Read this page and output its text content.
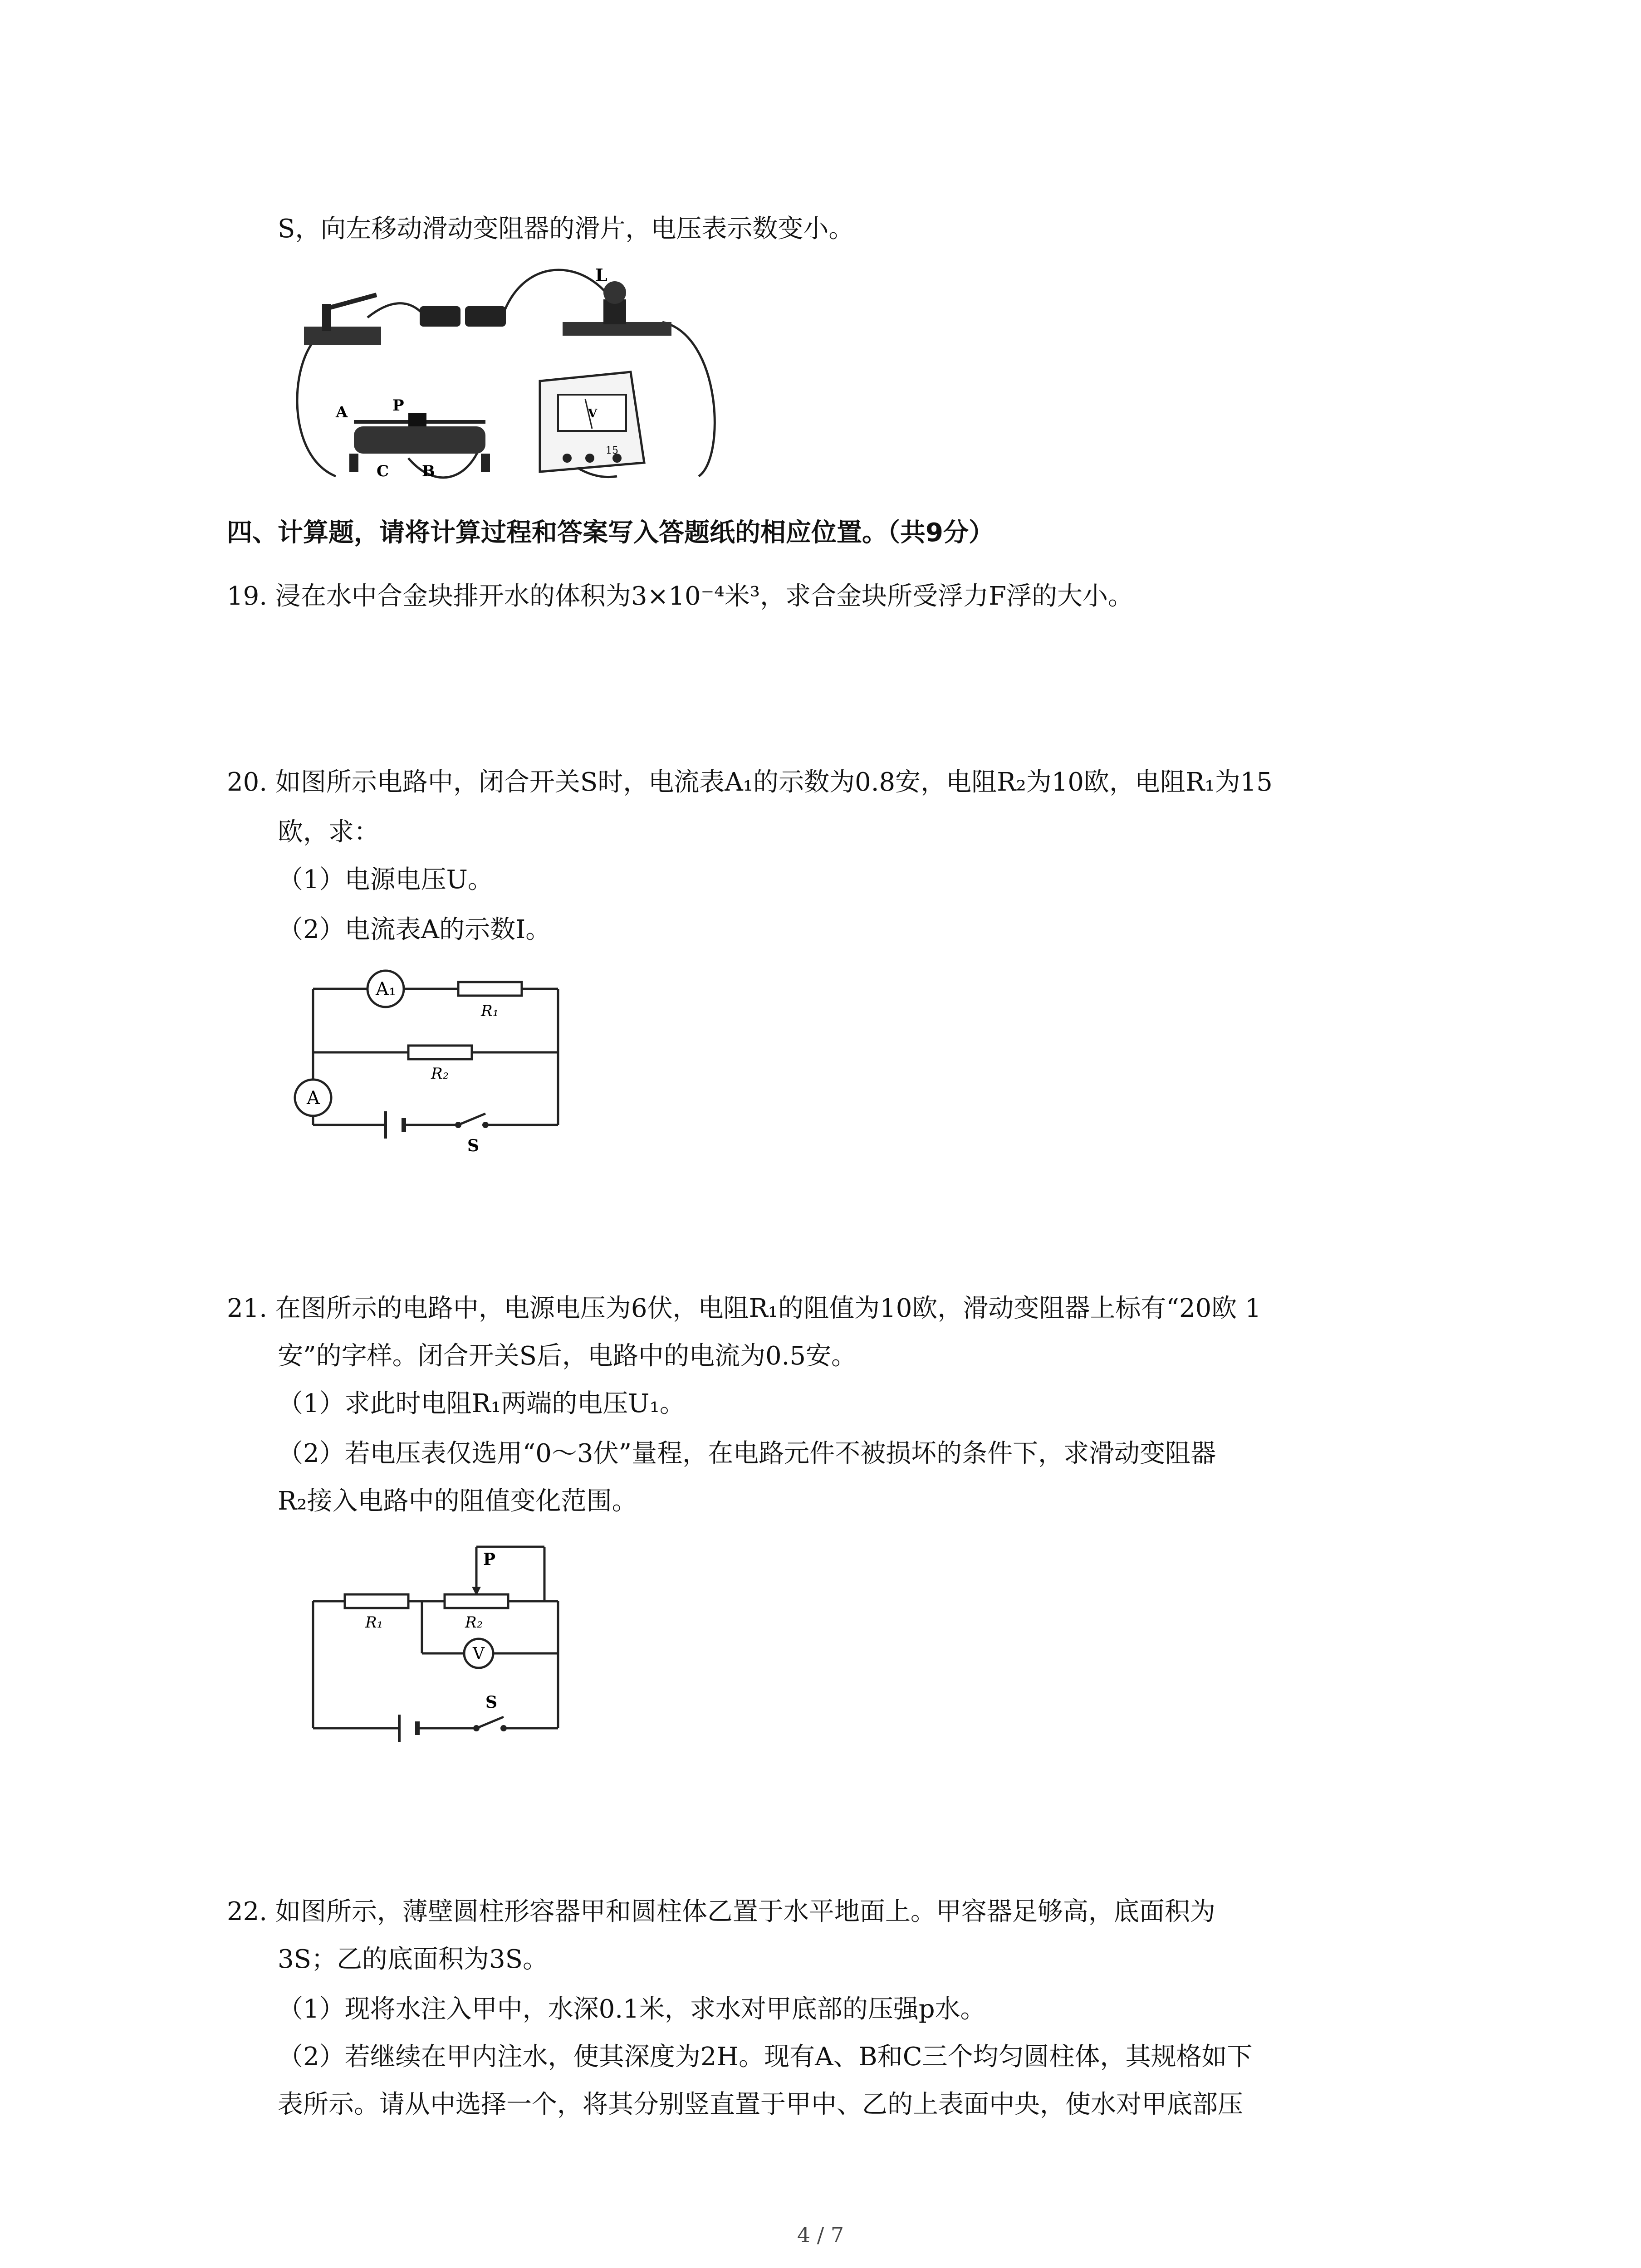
S，向左移动滑动变阻器的滑片，电压表示数变小。
L
A	P
C B
V
15
四、计算题，请将计算过程和答案写入答题纸的相应位置。（共9分）
19. 浸在水中合金块排开水的体积为3×10⁻⁴米³，求合金块所受浮力F浮的大小。
20. 如图所示电路中，闭合开关S时，电流表A₁的示数为0.8安，电阻R₂为10欧，电阻R₁为15
欧，求：
（1）电源电压U。
（2）电流表A的示数I。
A₁
R₁
R₂
A
S
21. 在图所示的电路中，电源电压为6伏，电阻R₁的阻值为10欧，滑动变阻器上标有“20欧 1
安”的字样。闭合开关S后，电路中的电流为0.5安。
（1）求此时电阻R₁两端的电压U₁。
（2）若电压表仅选用“0～3伏”量程，在电路元件不被损坏的条件下，求滑动变阻器
R₂接入电路中的阻值变化范围。
P
R₁	R₂
V
S
22. 如图所示，薄壁圆柱形容器甲和圆柱体乙置于水平地面上。甲容器足够高，底面积为
3S；乙的底面积为3S。
（1）现将水注入甲中，水深0.1米，求水对甲底部的压强p水。
（2）若继续在甲内注水，使其深度为2H。现有A、B和C三个均匀圆柱体，其规格如下
表所示。请从中选择一个，将其分别竖直置于甲中、乙的上表面中央，使水对甲底部压
4 / 7
